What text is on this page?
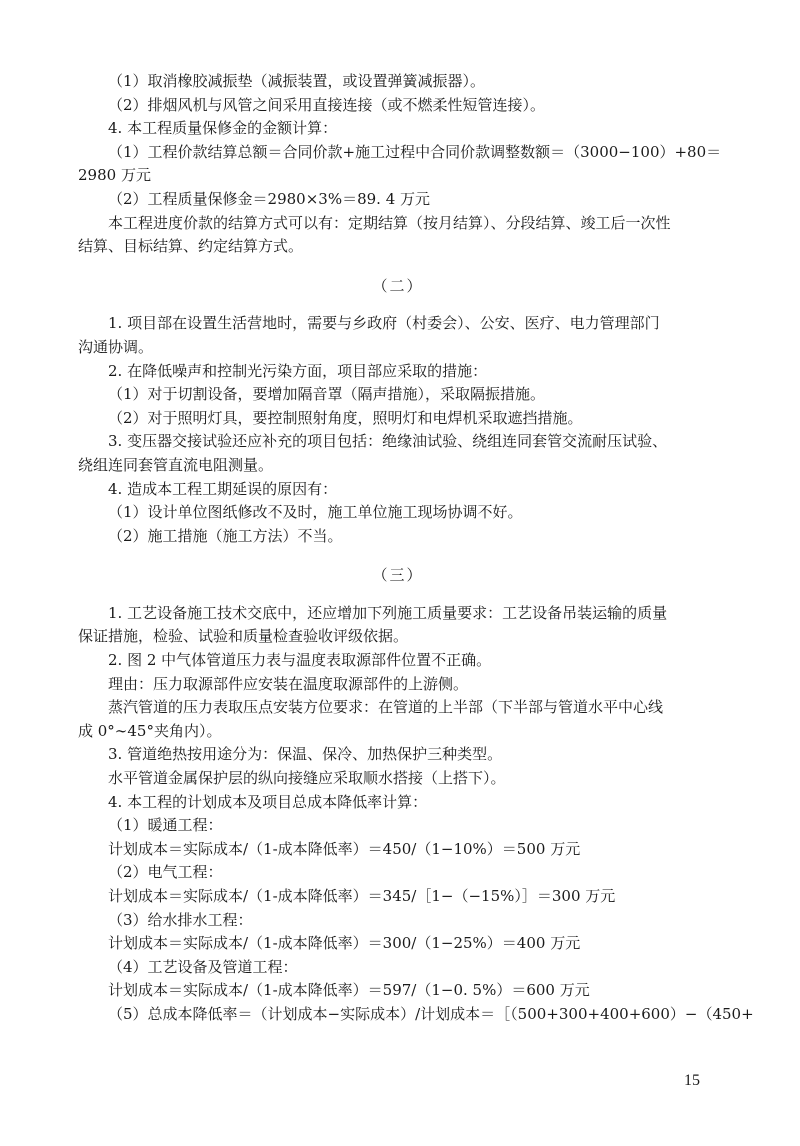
（1）取消橡胶减振垫（减振装置，或设置弹簧减振器）。
（2）排烟风机与风管之间采用直接连接（或不燃柔性短管连接）。
4. 本工程质量保修金的金额计算：
（1）工程价款结算总额＝合同价款+施工过程中合同价款调整数额＝（3000−100）+80＝
2980 万元
（2）工程质量保修金＝2980×3%＝89. 4 万元
本工程进度价款的结算方式可以有：定期结算（按月结算）、分段结算、竣工后一次性
结算、目标结算、约定结算方式。
（二）
1. 项目部在设置生活营地时，需要与乡政府（村委会）、公安、医疗、电力管理部门
沟通协调。
2. 在降低噪声和控制光污染方面，项目部应采取的措施：
（1）对于切割设备，要增加隔音罩（隔声措施），采取隔振措施。
（2）对于照明灯具，要控制照射角度，照明灯和电焊机采取遮挡措施。
3. 变压器交接试验还应补充的项目包括：绝缘油试验、绕组连同套管交流耐压试验、
绕组连同套管直流电阻测量。
4. 造成本工程工期延误的原因有：
（1）设计单位图纸修改不及时，施工单位施工现场协调不好。
（2）施工措施（施工方法）不当。
（三）
1. 工艺设备施工技术交底中，还应增加下列施工质量要求：工艺设备吊装运输的质量
保证措施，检验、试验和质量检查验收评级依据。
2. 图 2 中气体管道压力表与温度表取源部件位置不正确。
理由：压力取源部件应安装在温度取源部件的上游侧。
蒸汽管道的压力表取压点安装方位要求：在管道的上半部（下半部与管道水平中心线
成 0°∼45°夹角内）。
3. 管道绝热按用途分为：保温、保冷、加热保护三种类型。
水平管道金属保护层的纵向接缝应采取顺水搭接（上搭下）。
4. 本工程的计划成本及项目总成本降低率计算：
（1）暖通工程：
计划成本＝实际成本/（1-成本降低率）＝450/（1−10%）＝500 万元
（2）电气工程：
计划成本＝实际成本/（1-成本降低率）＝345/［1−（−15%）］＝300 万元
（3）给水排水工程：
计划成本＝实际成本/（1-成本降低率）＝300/（1−25%）＝400 万元
（4）工艺设备及管道工程：
计划成本＝实际成本/（1-成本降低率）＝597/（1−0. 5%）＝600 万元
（5）总成本降低率＝（计划成本−实际成本）/计划成本＝［（500+300+400+600）−（450+
15
